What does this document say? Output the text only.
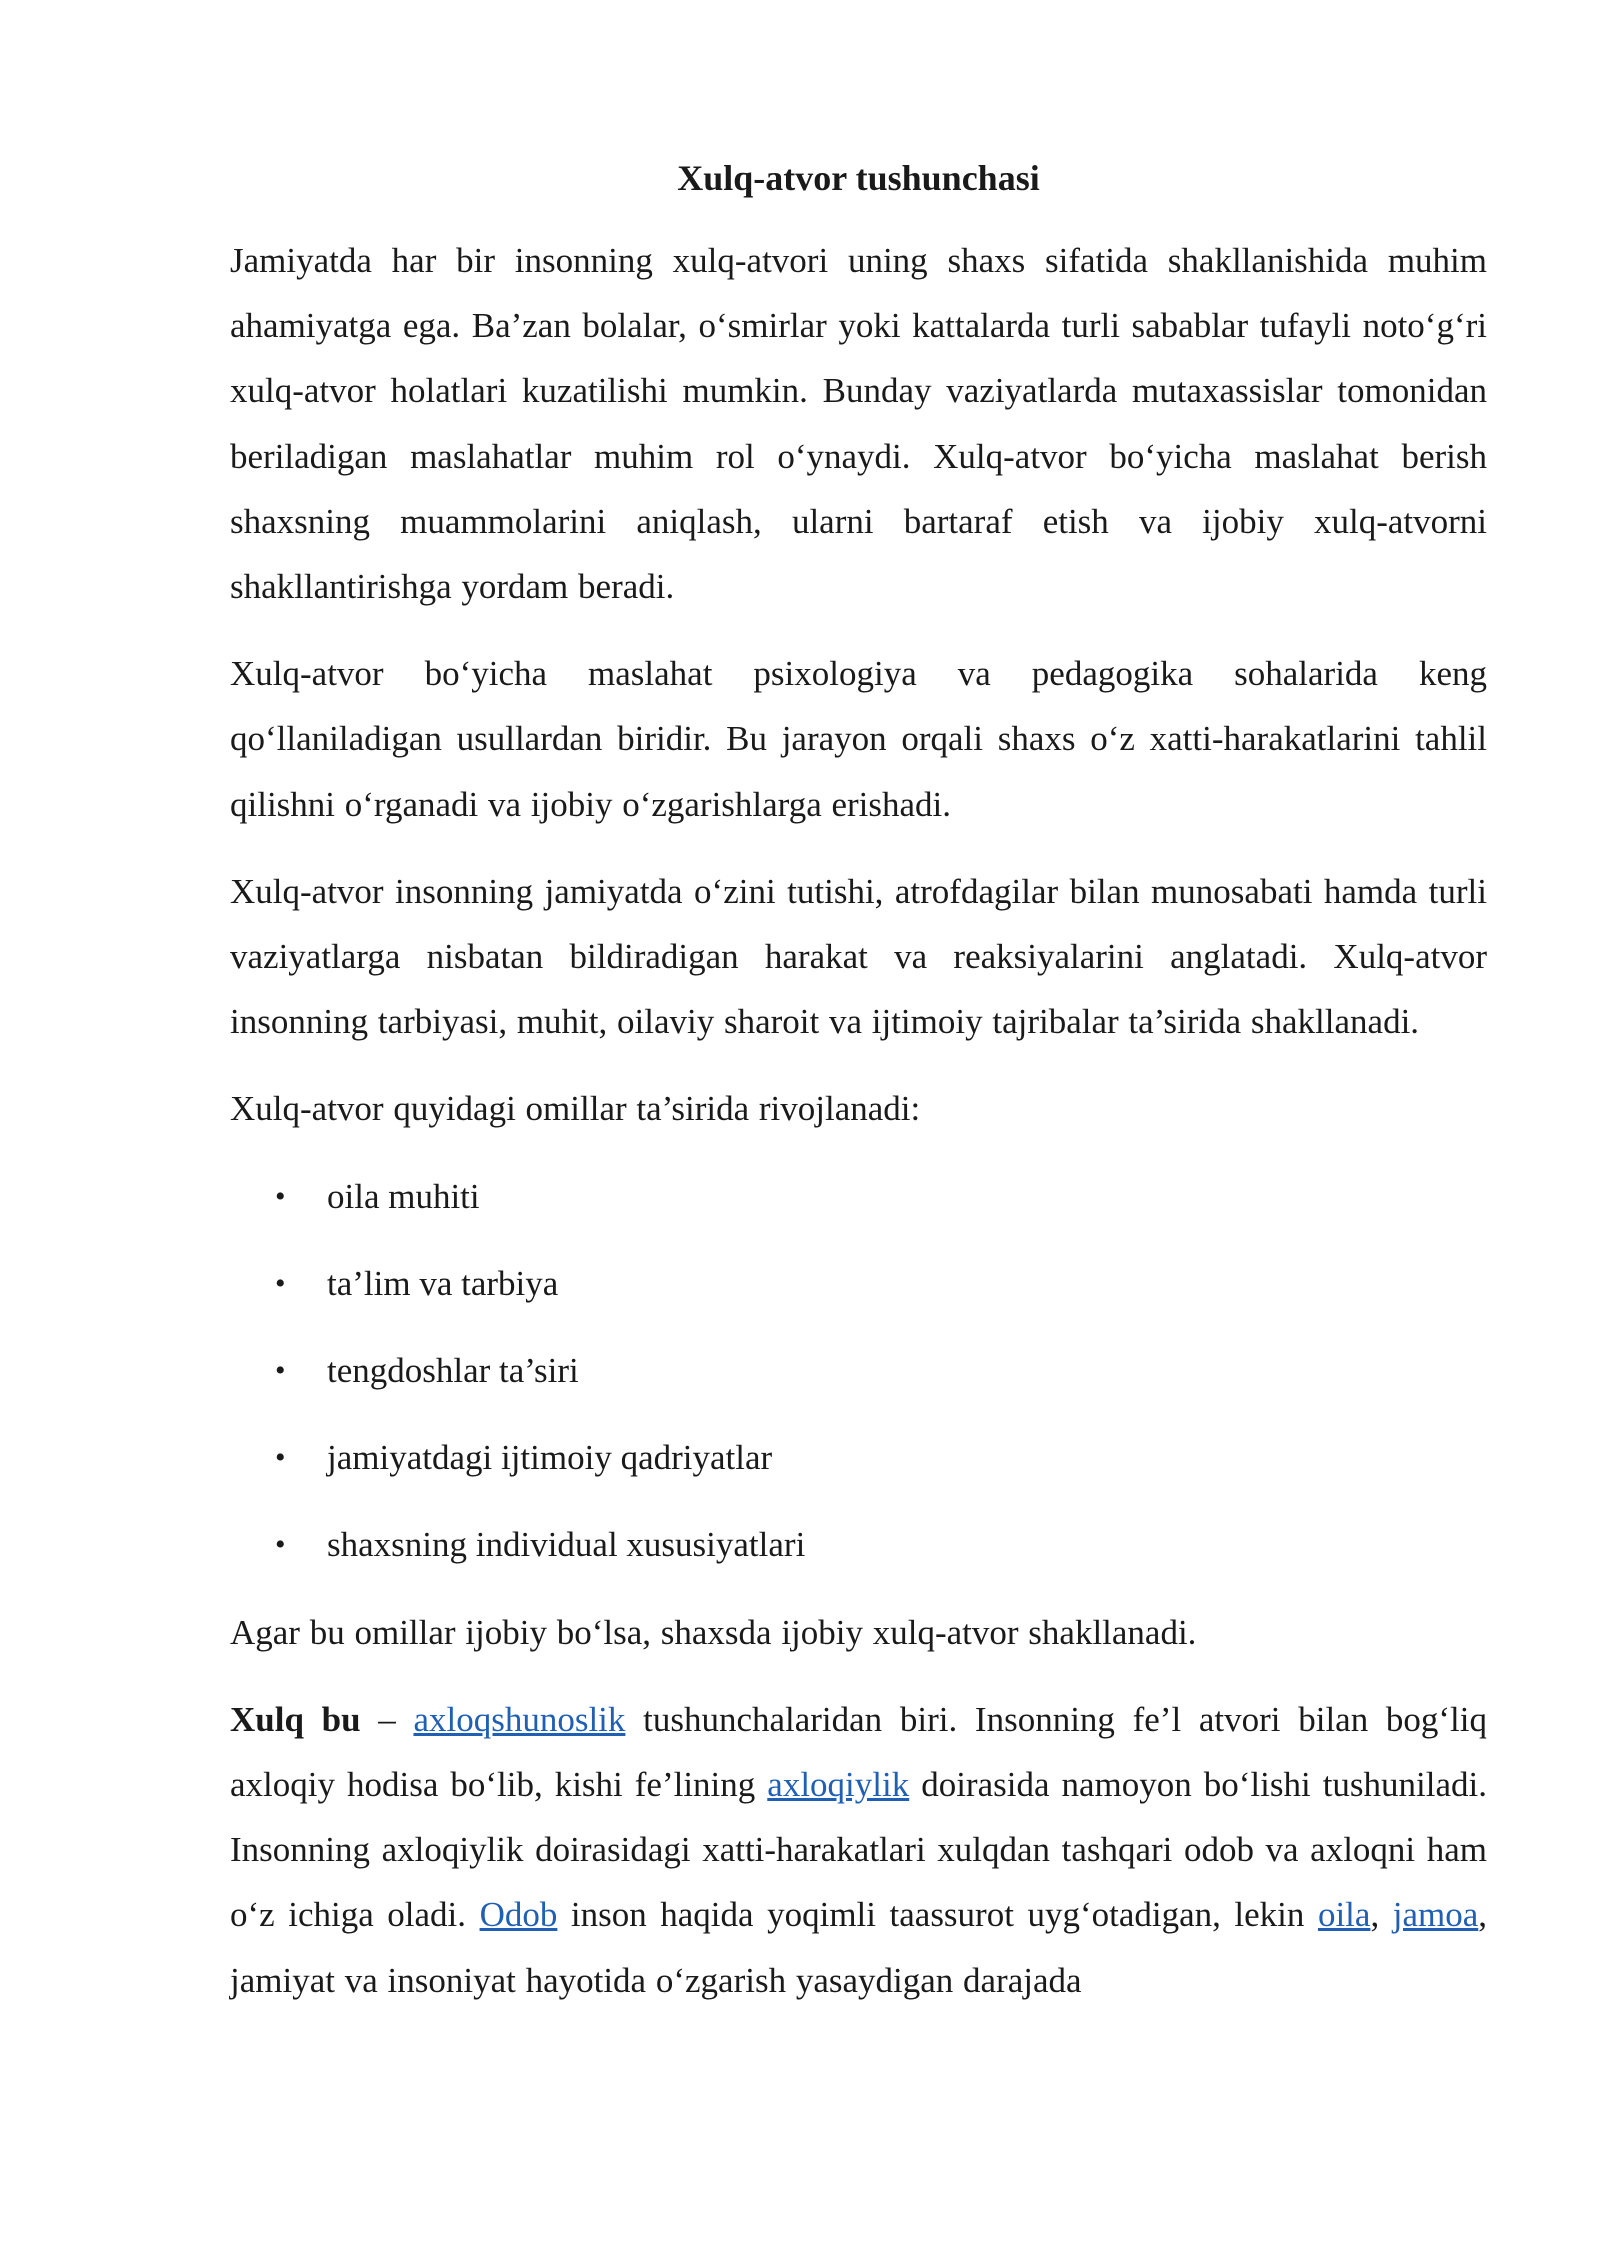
Xulq-atvor tushunchasi

Jamiyatda har bir insonning xulq-atvori uning shaxs sifatida shakllanishida muhim ahamiyatga ega. Ba’zan bolalar, o‘smirlar yoki kattalarda turli sabablar tufayli noto‘g‘ri xulq-atvor holatlari kuzatilishi mumkin. Bunday vaziyatlarda mutaxassislar tomonidan beriladigan maslahatlar muhim rol o‘ynaydi. Xulq-atvor bo‘yicha maslahat berish shaxsning muammolarini aniqlash, ularni bartaraf etish va ijobiy xulq-atvorni shakllantirishga yordam beradi.

Xulq-atvor bo‘yicha maslahat psixologiya va pedagogika sohalarida keng qo‘llaniladigan usullardan biridir. Bu jarayon orqali shaxs o‘z xatti-harakatlarini tahlil qilishni o‘rganadi va ijobiy o‘zgarishlarga erishadi.

Xulq-atvor insonning jamiyatda o‘zini tutishi, atrofdagilar bilan munosabati hamda turli vaziyatlarga nisbatan bildiradigan harakat va reaksiyalarini anglatadi. Xulq-atvor insonning tarbiyasi, muhit, oilaviy sharoit va ijtimoiy tajribalar ta’sirida shakllanadi.

Xulq-atvor quyidagi omillar ta’sirida rivojlanadi:

• oila muhiti
• ta’lim va tarbiya
• tengdoshlar ta’siri
• jamiyatdagi ijtimoiy qadriyatlar
• shaxsning individual xususiyatlari

Agar bu omillar ijobiy bo‘lsa, shaxsda ijobiy xulq-atvor shakllanadi.

Xulq bu – axloqshunoslik tushunchalaridan biri. Insonning fe’l atvori bilan bog‘liq axloqiy hodisa bo‘lib, kishi fe’lining axloqiylik doirasida namoyon bo‘lishi tushuniladi. Insonning axloqiylik doirasidagi xatti-harakatlari xulqdan tashqari odob va axloqni ham o‘z ichiga oladi. Odob inson haqida yoqimli taassurot uyg‘otadigan, lekin oila, jamoa, jamiyat va insoniyat hayotida o‘zgarish yasaydigan darajada
